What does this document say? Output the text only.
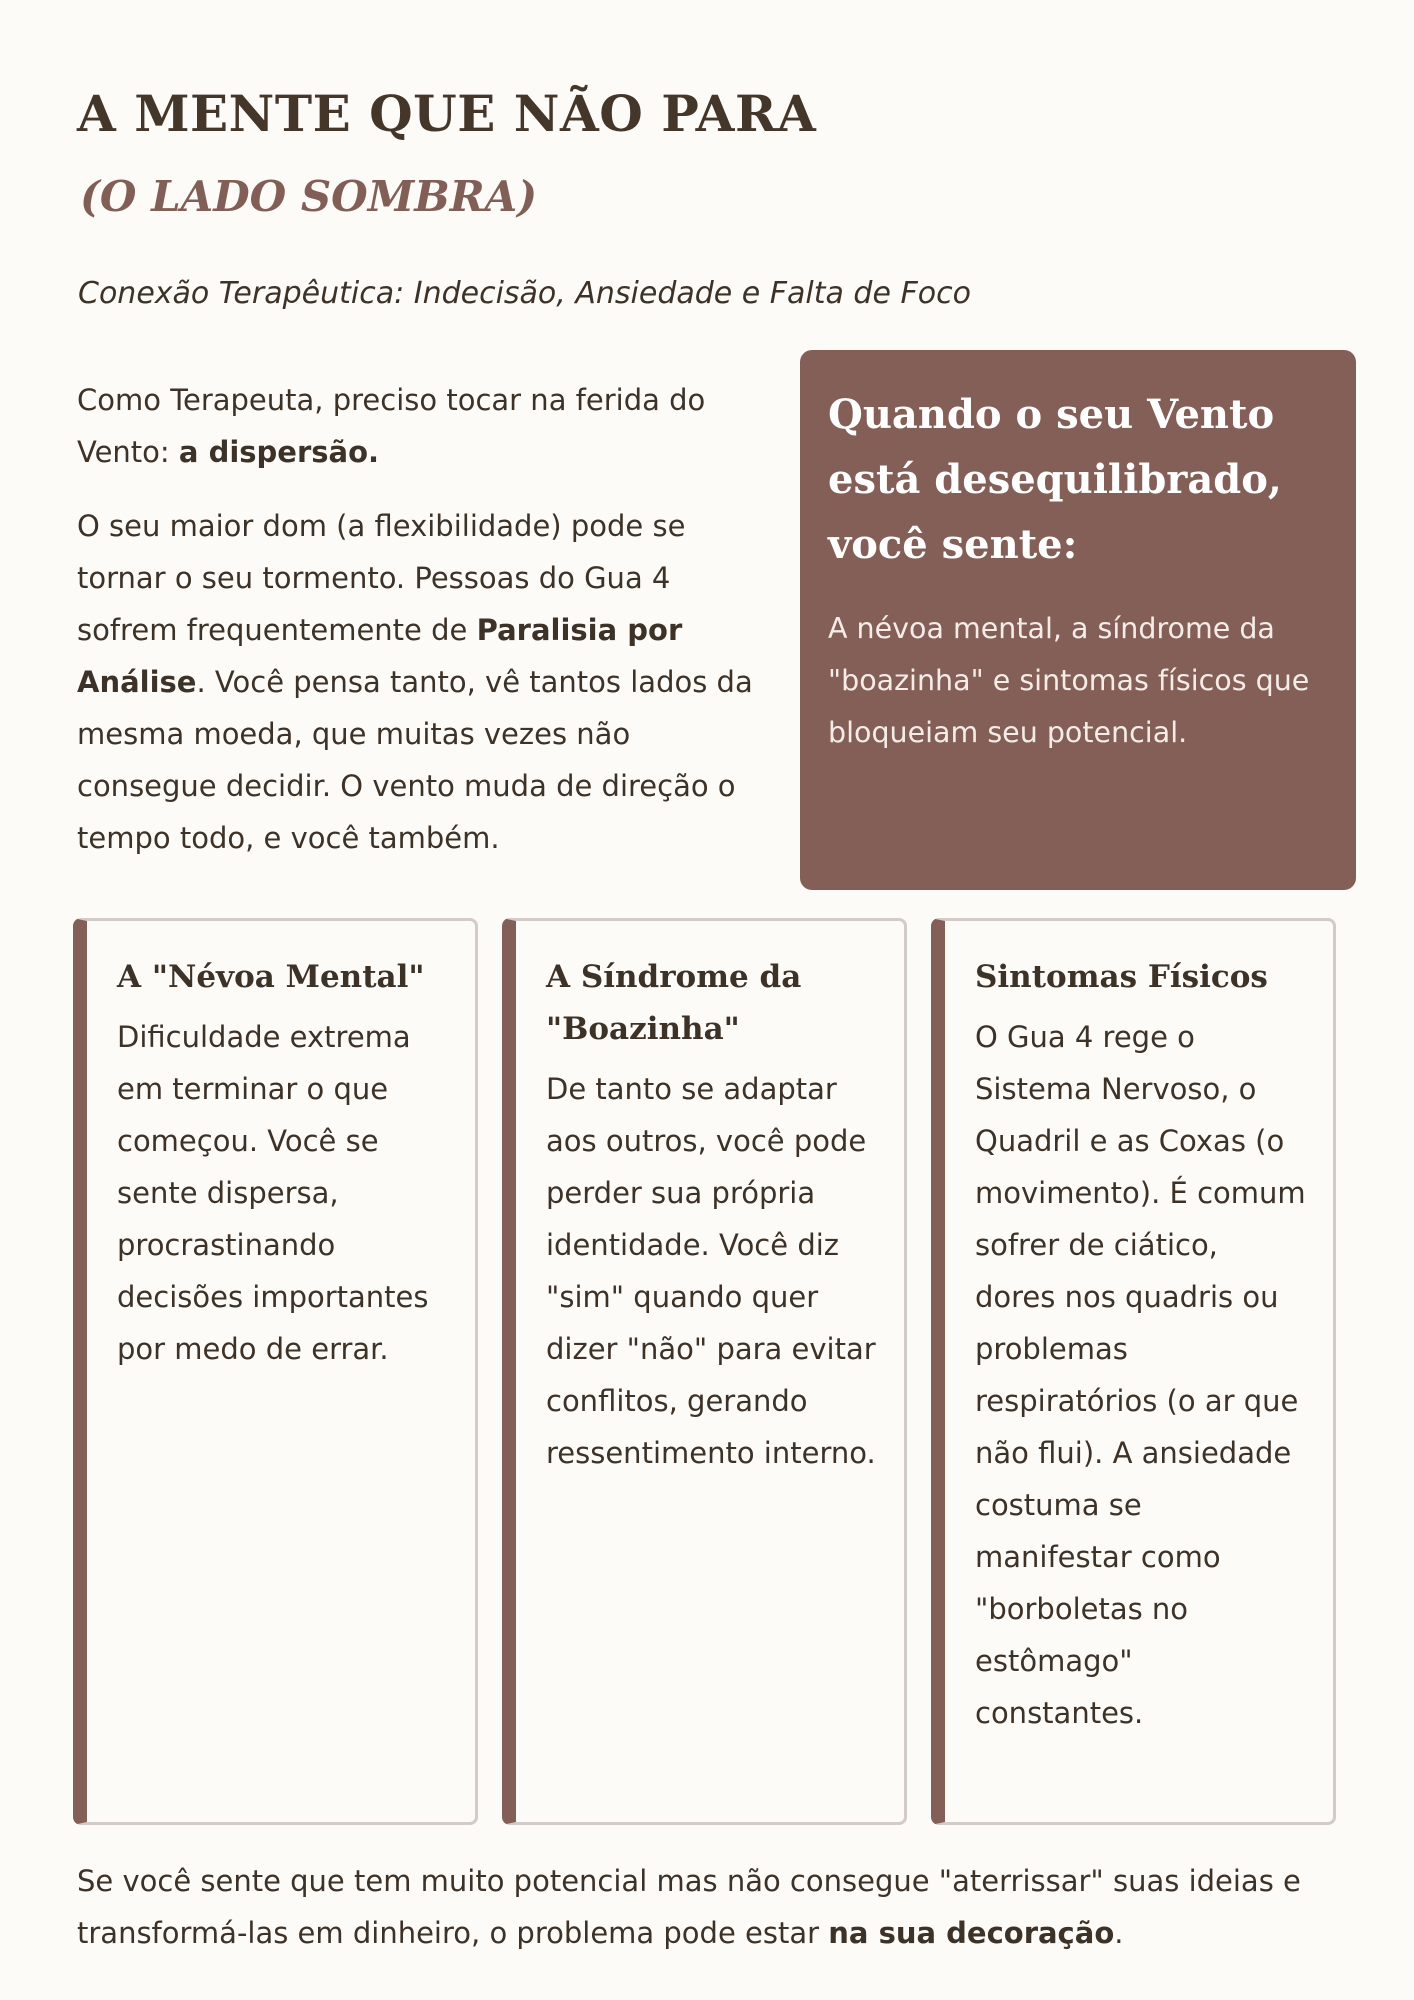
A MENTE QUE NÃO PARA
(O LADO SOMBRA)
Conexão Terapêutica: Indecisão, Ansiedade e Falta de Foco

Como Terapeuta, preciso tocar na ferida do Vento: a dispersão.

O seu maior dom (a flexibilidade) pode se tornar o seu tormento. Pessoas do Gua 4 sofrem frequentemente de Paralisia por Análise. Você pensa tanto, vê tantos lados da mesma moeda, que muitas vezes não consegue decidir. O vento muda de direção o tempo todo, e você também.

Quando o seu Vento está desequilibrado, você sente:

A névoa mental, a síndrome da "boazinha" e sintomas físicos que bloqueiam seu potencial.

A "Névoa Mental"

Dificuldade extrema em terminar o que começou. Você se sente dispersa, procrastinando decisões importantes por medo de errar.

A Síndrome da "Boazinha"

De tanto se adaptar aos outros, você pode perder sua própria identidade. Você diz "sim" quando quer dizer "não" para evitar conflitos, gerando ressentimento interno.

Sintomas Físicos

O Gua 4 rege o Sistema Nervoso, o Quadril e as Coxas (o movimento). É comum sofrer de ciático, dores nos quadris ou problemas respiratórios (o ar que não flui). A ansiedade costuma se manifestar como "borboletas no estômago" constantes.

Se você sente que tem muito potencial mas não consegue "aterrissar" suas ideias e transformá-las em dinheiro, o problema pode estar na sua decoração.
